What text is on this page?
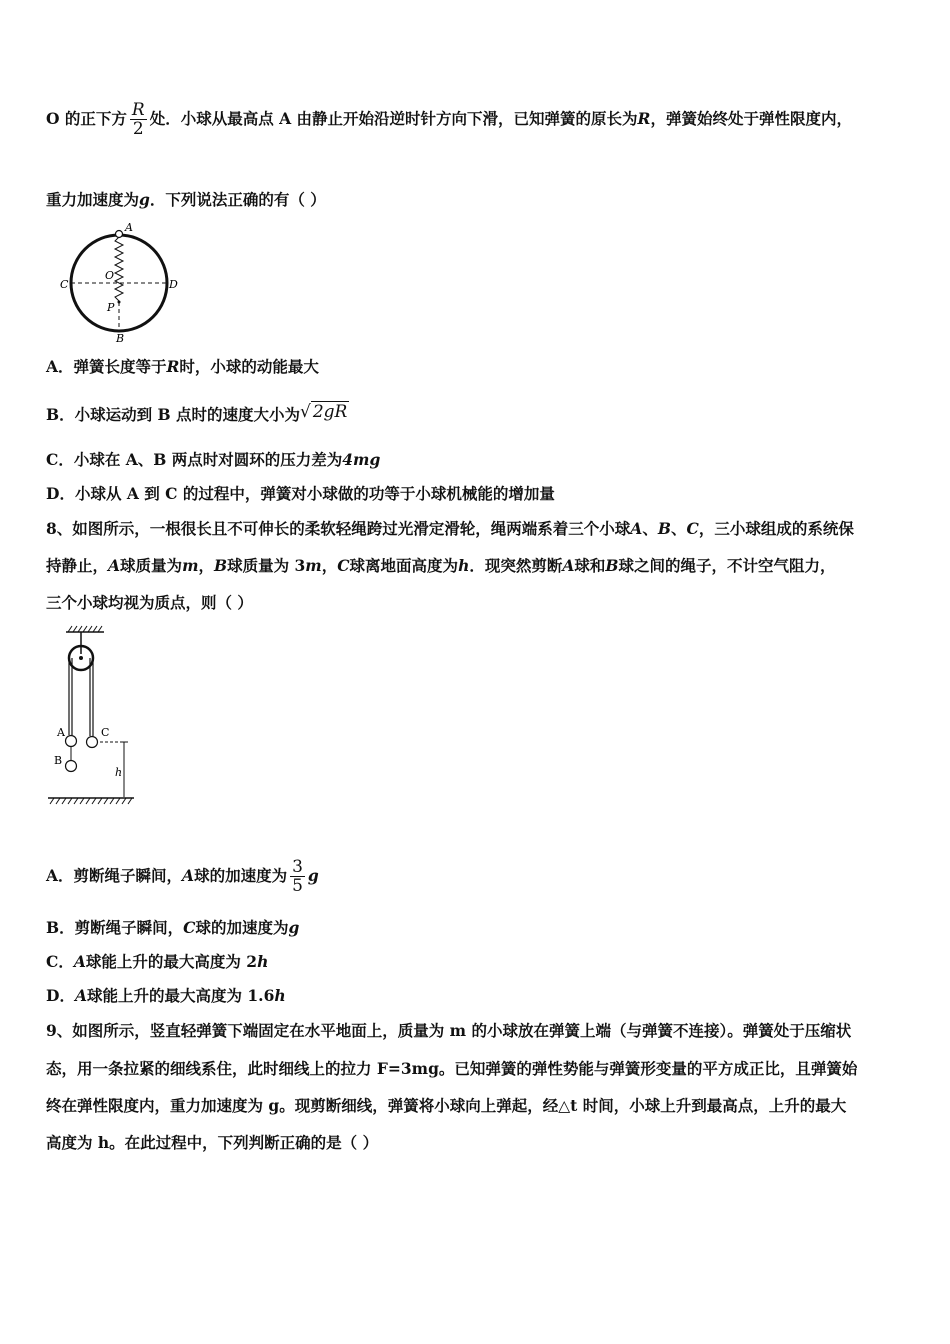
O 的正下方 $\frac{R}{2}$ 处．小球从最高点 A 由静止开始沿逆时针方向下滑，已知弹簧的原长为R，弹簧始终处于弹性限度内，
重力加速度为g．下列说法正确的有（ ）
A
O
C	D
P
B
A．弹簧长度等于R时，小球的动能最大
B．小球运动到 B 点时的速度大小为√ 2gR
C．小球在 A、B 两点时对圆环的压力差为4mg
D．小球从 A 到 C 的过程中，弹簧对小球做的功等于小球机械能的增加量
8、如图所示，一根很长且不可伸长的柔软轻绳跨过光滑定滑轮，绳两端系着三个小球A、B、C，三小球组成的系统保
持静止，A球质量为m，B球质量为 3m，C球离地面高度为h．现突然剪断A球和B球之间的绳子，不计空气阻力，
三个小球均视为质点，则（ ）
A
B
C
h
A．剪断绳子瞬间，A球的加速度为 $\frac{3}{5}$ g
B．剪断绳子瞬间，C球的加速度为g
C．A球能上升的最大高度为 2h
D．A球能上升的最大高度为 1.6h
9、如图所示，竖直轻弹簧下端固定在水平地面上，质量为 m 的小球放在弹簧上端（与弹簧不连接）。弹簧处于压缩状
态，用一条拉紧的细线系住，此时细线上的拉力 F=3mg。已知弹簧的弹性势能与弹簧形变量的平方成正比，且弹簧始
终在弹性限度内，重力加速度为 g。现剪断细线，弹簧将小球向上弹起，经△t 时间，小球上升到最高点，上升的最大
高度为 h。在此过程中，下列判断正确的是（ ）
